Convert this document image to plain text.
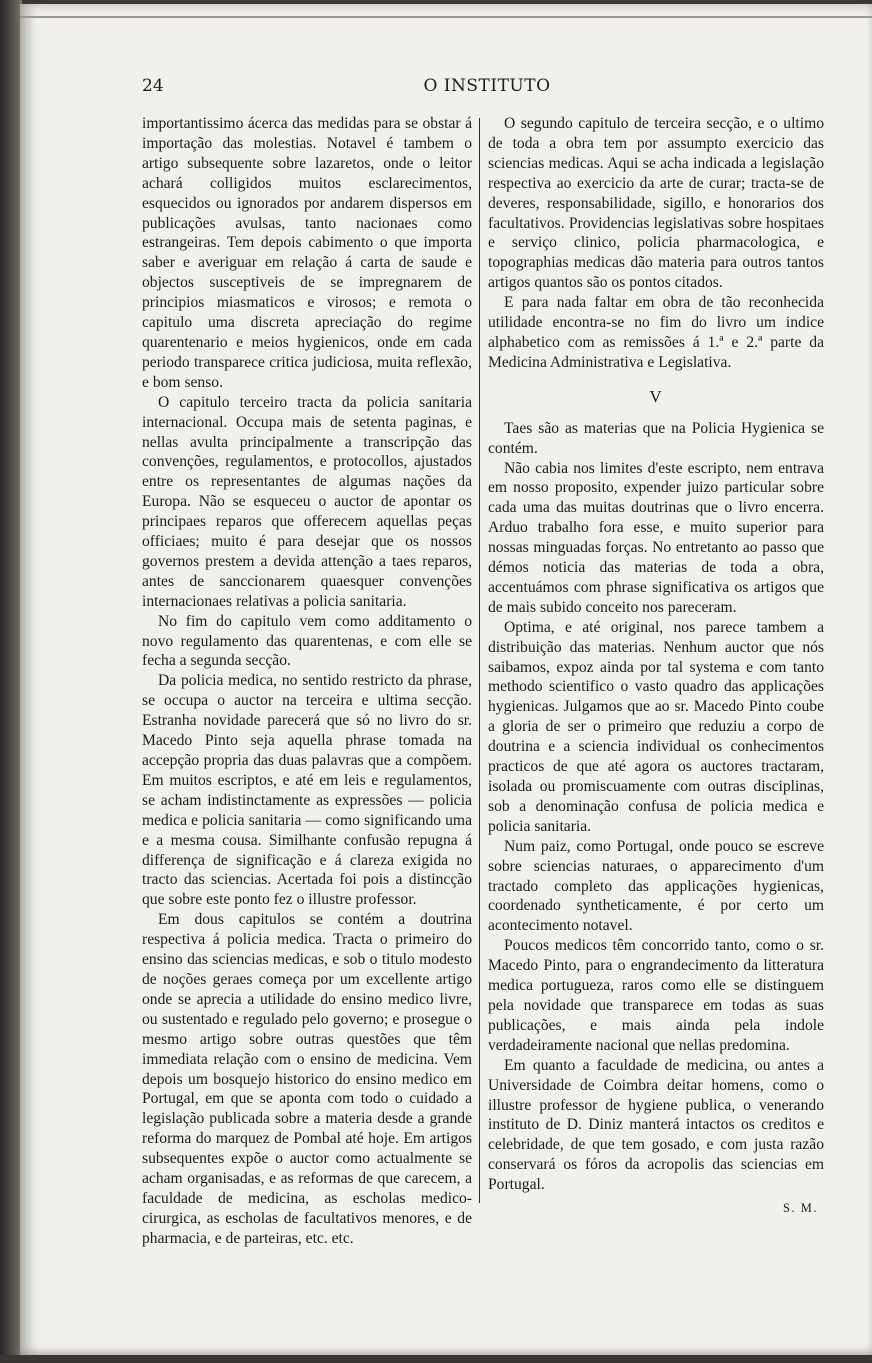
24	O INSTITUTO

importantissimo ácerca das medidas para se obstar á importação das molestias. Notavel é tambem o artigo subsequente sobre lazaretos, onde o leitor achará colligidos muitos esclarecimentos, esquecidos ou ignorados por andarem dispersos em publicações avulsas, tanto nacionaes como estrangeiras. Tem depois cabimento o que importa saber e averiguar em relação á carta de saude e objectos susceptiveis de se impregnarem de principios miasmaticos e virosos; e remota o capitulo uma discreta apreciação do regime quarentenario e meios hygienicos, onde em cada periodo transparece critica judiciosa, muita reflexão, e bom senso.

O capitulo terceiro tracta da policia sanitaria internacional. Occupa mais de setenta paginas, e nellas avulta principalmente a transcripção das convenções, regulamentos, e protocollos, ajustados entre os representantes de algumas nações da Europa. Não se esqueceu o auctor de apontar os principaes reparos que offerecem aquellas peças officiaes; muito é para desejar que os nossos governos prestem a devida attenção a taes reparos, antes de sanccionarem quaesquer convenções internacionaes relativas a policia sanitaria.

No fim do capitulo vem como additamento o novo regulamento das quarentenas, e com elle se fecha a segunda secção.

Da policia medica, no sentido restricto da phrase, se occupa o auctor na terceira e ultima secção. Estranha novidade parecerá que só no livro do sr. Macedo Pinto seja aquella phrase tomada na accepção propria das duas palavras que a compõem. Em muitos escriptos, e até em leis e regulamentos, se acham indistinctamente as expressões — policia medica e policia sanitaria — como significando uma e a mesma cousa. Similhante confusão repugna á differença de significação e á clareza exigida no tracto das sciencias. Acertada foi pois a distincção que sobre este ponto fez o illustre professor.

Em dous capitulos se contém a doutrina respectiva á policia medica. Tracta o primeiro do ensino das sciencias medicas, e sob o titulo modesto de noções geraes começa por um excellente artigo onde se aprecia a utilidade do ensino medico livre, ou sustentado e regulado pelo governo; e prosegue o mesmo artigo sobre outras questões que têm immediata relação com o ensino de medicina. Vem depois um bosquejo historico do ensino medico em Portugal, em que se aponta com todo o cuidado a legislação publicada sobre a materia desde a grande reforma do marquez de Pombal até hoje. Em artigos subsequentes expõe o auctor como actualmente se acham organisadas, e as reformas de que carecem, a faculdade de medicina, as escholas medico-cirurgica, as escholas de facultativos menores, e de pharmacia, e de parteiras, etc. etc.

O segundo capitulo de terceira secção, e o ultimo de toda a obra tem por assumpto exercicio das sciencias medicas. Aqui se acha indicada a legislação respectiva ao exercicio da arte de curar; tracta-se de deveres, responsabilidade, sigillo, e honorarios dos facultativos. Providencias legislativas sobre hospitaes e serviço clinico, policia pharmacologica, e topographias medicas dão materia para outros tantos artigos quantos são os pontos citados.

E para nada faltar em obra de tão reconhecida utilidade encontra-se no fim do livro um indice alphabetico com as remissões á 1.ª e 2.ª parte da Medicina Administrativa e Legislativa.

V

Taes são as materias que na Policia Hygienica se contém.

Não cabia nos limites d'este escripto, nem entrava em nosso proposito, expender juizo particular sobre cada uma das muitas doutrinas que o livro encerra. Arduo trabalho fora esse, e muito superior para nossas minguadas forças. No entretanto ao passo que démos noticia das materias de toda a obra, accentuámos com phrase significativa os artigos que de mais subido conceito nos pareceram.

Optima, e até original, nos parece tambem a distribuição das materias. Nenhum auctor que nós saibamos, expoz ainda por tal systema e com tanto methodo scientifico o vasto quadro das applicações hygienicas. Julgamos que ao sr. Macedo Pinto coube a gloria de ser o primeiro que reduziu a corpo de doutrina e a sciencia individual os conhecimentos practicos de que até agora os auctores tractaram, isolada ou promiscuamente com outras disciplinas, sob a denominação confusa de policia medica e policia sanitaria.

Num paiz, como Portugal, onde pouco se escreve sobre sciencias naturaes, o apparecimento d'um tractado completo das applicações hygienicas, coordenado syntheticamente, é por certo um acontecimento notavel.

Poucos medicos têm concorrido tanto, como o sr. Macedo Pinto, para o engrandecimento da litteratura medica portugueza, raros como elle se distinguem pela novidade que transparece em todas as suas publicações, e mais ainda pela indole verdadeiramente nacional que nellas predomina.

Em quanto a faculdade de medicina, ou antes a Universidade de Coimbra deitar homens, como o illustre professor de hygiene publica, o venerando instituto de D. Diniz manterá intactos os creditos e celebridade, de que tem gosado, e com justa razão conservará os fóros da acropolis das sciencias em Portugal.

S. M.
